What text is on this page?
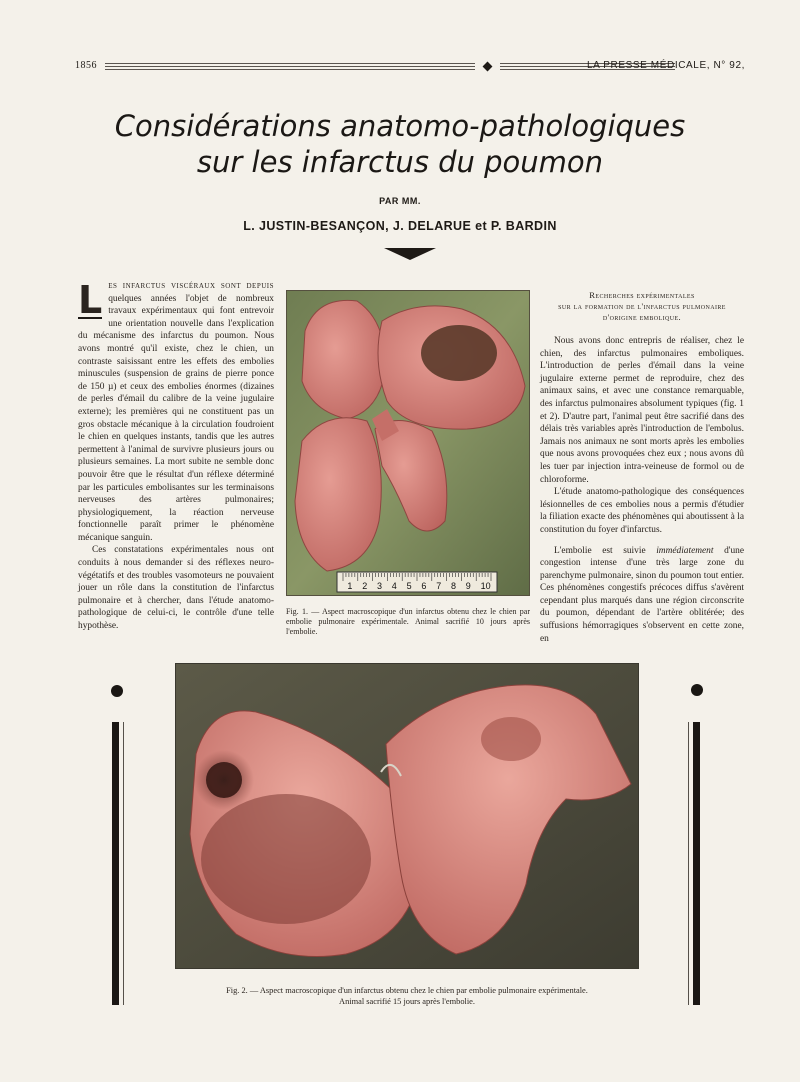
1856	LA PRESSE MÉDICALE, N° 92,
Considérations anatomo-pathologiques
sur les infarctus du poumon
PAR MM.
L. JUSTIN-BESANÇON, J. DELARUE et P. BARDIN

L es infarctus viscéraux sont depuis quelques années l'objet de nombreux travaux expérimentaux qui font entrevoir une orientation nouvelle dans l'explication du mécanisme des infarctus du poumon. Nous avons montré qu'il existe, chez le chien, un contraste saisissant entre les effets des embolies minuscules (suspension de grains de pierre ponce de 150 µ) et ceux des embolies énormes (dizaines de perles d'émail du calibre de la veine jugulaire externe); les premières qui ne constituent pas un gros obstacle mécanique à la circulation foudroient le chien en quelques instants, tandis que les autres permettent à l'animal de survivre plusieurs jours ou plusieurs semaines. La mort subite ne semble donc pouvoir être que le résultat d'un réflexe déterminé par les particules embolisantes sur les terminaisons nerveuses des artères pulmonaires; physiologiquement, la réaction nerveuse fonctionnelle paraît primer le phénomène mécanique sanguin.

Ces constatations expérimentales nous ont conduits à nous demander si des réflexes neuro-végétatifs et des troubles vasomoteurs ne pouvaient jouer un rôle dans la constitution de l'infarctus pulmonaire et à chercher, dans l'étude anatomo-pathologique de celui-ci, le contrôle d'une telle hypothèse.

1 2 3 4 5 6 7 8 9 10
Fig. 1. — Aspect macroscopique d'un infarctus obtenu chez le chien par embolie pulmonaire expérimentale. Animal sacrifié 10 jours après l'embolie.
Recherches expérimentales
sur la formation de l'infarctus pulmonaire
d'origine embolique.

Nous avons donc entrepris de réaliser, chez le chien, des infarctus pulmonaires emboliques. L'introduction de perles d'émail dans la veine jugulaire externe permet de reproduire, chez des animaux sains, et avec une constance remarquable, des infarctus pulmonaires absolument typiques (fig. 1 et 2). D'autre part, l'animal peut être sacrifié dans des délais très variables après l'introduction de l'embolus. Jamais nos animaux ne sont morts après les embolies que nous avons provoquées chez eux ; nous avons dû les tuer par injection intra-veineuse de formol ou de chloroforme.

L'étude anatomo-pathologique des conséquences lésionnelles de ces embolies nous a permis d'étudier la filiation exacte des phénomènes qui aboutissent à la constitution du foyer d'infarctus.

L'embolie est suivie immédiatement d'une congestion intense d'une très large zone du parenchyme pulmonaire, sinon du poumon tout entier. Ces phénomènes congestifs précoces diffus s'avèrent cependant plus marqués dans une région circonscrite du poumon, dépendant de l'artère oblitérée; des suffusions hémorragiques s'observent en cette zone, en

Fig. 2. — Aspect macroscopique d'un infarctus obtenu chez le chien par embolie pulmonaire expérimentale.
Animal sacrifié 15 jours après l'embolie.
